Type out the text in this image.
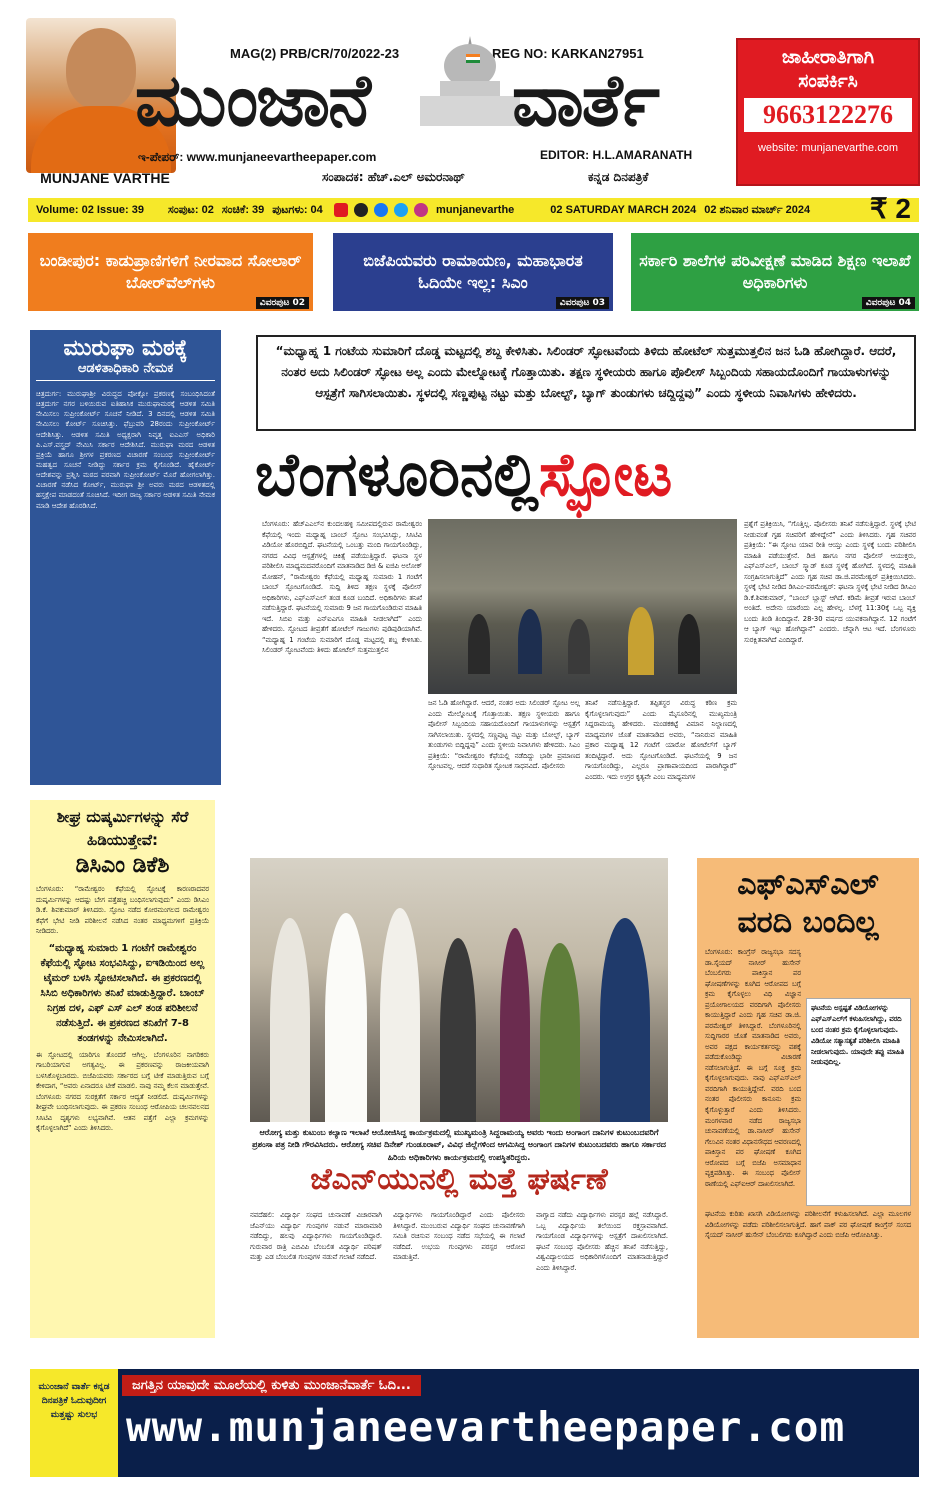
MUNJANE VARTHE
MAG(2) PRB/CR/70/2022-23	REG NO: KARKAN27951
ಮುಂಜಾನೆ ವಾರ್ತೆ
ಇ-ಪೇಪರ್: www.munjaneevartheepaper.com	EDITOR: H.L.AMARANATH
ಸಂಪಾದಕ: ಹೆಚ್.ಎಲ್ ಅಮರನಾಥ್	ಕನ್ನಡ ದಿನಪತ್ರಿಕೆ
ಜಾಹೀರಾತಿಗಾಗಿ
ಸಂಪರ್ಕಿಸಿ
9663122276
website: munjanevarthe.com
Volume: 02 Issue: 39 ಸಂಪುಟ: 02 ಸಂಚಿಕೆ: 39 ಪುಟಗಳು: 04
	munjanevarthe	02 SATURDAY MARCH 2024 02 ಶನಿವಾರ ಮಾರ್ಚ್ 2024 ₹ 2
ಬಂಡೀಪುರ: ಕಾಡುಪ್ರಾಣಿಗಳಿಗೆ ನೀರವಾದ ಸೋಲಾರ್ ಬೋರ್‌ವೆಲ್‌ಗಳು
ವಿವರಪುಟ 02
ಬಿಜೆಪಿಯವರು ರಾಮಾಯಣ, ಮಹಾಭಾರತ ಓದಿಯೇ ಇಲ್ಲ: ಸಿಎಂ
ವಿವರಪುಟ 03
ಸರ್ಕಾರಿ ಶಾಲೆಗಳ ಪರಿವೀಕ್ಷಣೆ ಮಾಡಿದ ಶಿಕ್ಷಣ ಇಲಾಖೆ ಅಧಿಕಾರಿಗಳು
ವಿವರಪುಟ 04
ಮುರುಘಾ ಮಠಕ್ಕೆ
ಆಡಳಿತಾಧಿಕಾರಿ ನೇಮಕ
ಚಿತ್ರದುರ್ಗ: ಮುರುಘಾಶ್ರೀ ವಿರುದ್ಧದ ಪೋಕ್ಸೋ ಪ್ರಕರಣಕ್ಕೆ ಸಂಬಂಧಿಸಿದಂತೆ ಚಿತ್ರದುರ್ಗ ನಗರ ಬಳಿಯಿರುವ ಐತಿಹಾಸಿಕ ಮುರುಘಾಮಠಕ್ಕೆ ಆಡಳಿತ ಸಮಿತಿ ನೇಮಿಸಲು ಸುಪ್ರೀಂಕೋರ್ಟ್ ಸೂಚನೆ ನೀಡಿದೆ. 3 ದಿನದಲ್ಲಿ ಆಡಳಿತ ಸಮಿತಿ ನೇಮಿಸಲು ಕೋರ್ಟ್ ಸೂಚಿಸಿತ್ತು. ಫೆಬ್ರುವರಿ 28ರಂದು ಸುಪ್ರೀಂಕೋರ್ಟ್ ಆದೇಶಿಸಿತ್ತು. ಆಡಳಿತ ಸಮಿತಿ ಅಧ್ಯಕ್ಷರಾಗಿ ನಿವೃತ್ತ ಐಎಎಸ್ ಅಧಿಕಾರಿ ಪಿ.ಎಸ್.ವಸ್ತ್ರದ್ ನೇಮಿಸಿ ಸರ್ಕಾರ ಆದೇಶಿಸಿದೆ. ಮುರುಘಾ ಮಠದ ಆಡಳಿತ ಪ್ರಕ್ರಿಯೆ ಹಾಗೂ ಶ್ರೀಗಳ ಪ್ರಕರಣದ ವಿಚಾರಣೆ ಸಂಬಂಧ ಸುಪ್ರೀಂಕೋರ್ಟ್ ಮಹತ್ವದ ಸೂಚನೆ ನೀಡಿದ್ದು ಸರ್ಕಾರ ಕ್ರಮ ಕೈಗೊಂಡಿದೆ. ಹೈಕೋರ್ಟ್ ಆದೇಶವನ್ನು ಪ್ರಶ್ನಿಸಿ ಮಠದ ಪರವಾಗಿ ಸುಪ್ರೀಂಕೋರ್ಟ್ ಮೊರೆ ಹೋಗಲಾಗಿತ್ತು. ವಿಚಾರಣೆ ನಡೆಸಿದ ಕೋರ್ಟ್, ಮುರುಘಾ ಶ್ರೀ ಅವರು ಮಠದ ಆಡಳಿತದಲ್ಲಿ ಹಸ್ತಕ್ಷೇಪ ಮಾಡದಂತೆ ಸೂಚಿಸಿದೆ. ಇದೀಗ ರಾಜ್ಯ ಸರ್ಕಾರ ಆಡಳಿತ ಸಮಿತಿ ನೇಮಕ ಮಾಡಿ ಆದೇಶ ಹೊರಡಿಸಿದೆ.
“ಮಧ್ಯಾಹ್ನ 1 ಗಂಟೆಯ ಸುಮಾರಿಗೆ ದೊಡ್ಡ ಮಟ್ಟದಲ್ಲಿ ಶಬ್ದ ಕೇಳಿಸಿತು. ಸಿಲಿಂಡರ್ ಸ್ಫೋಟವೆಂದು ತಿಳಿದು ಹೋಟೆಲ್ ಸುತ್ತಮುತ್ತಲಿನ ಜನ ಓಡಿ ಹೋಗಿದ್ದಾರೆ. ಆದರೆ, ನಂತರ ಅದು ಸಿಲಿಂಡರ್ ಸ್ಫೋಟ ಅಲ್ಲ ಎಂದು ಮೇಲ್ನೋಟಕ್ಕೆ ಗೊತ್ತಾಯಿತು. ತಕ್ಷಣ ಸ್ಥಳೀಯರು ಹಾಗೂ ಪೊಲೀಸ್ ಸಿಬ್ಬಂದಿಯ ಸಹಾಯದೊಂದಿಗೆ ಗಾಯಾಳುಗಳನ್ನು ಆಸ್ಪತ್ರೆಗೆ ಸಾಗಿಸಲಾಯಿತು. ಸ್ಥಳದಲ್ಲಿ ಸಣ್ಣಪುಟ್ಟ ನಟ್ಟು ಮತ್ತು ಬೋಲ್ಟ್, ಬ್ಯಾಗ್ ತುಂಡುಗಳು ಚದ್ದಿದ್ದವು” ಎಂದು ಸ್ಥಳೀಯ ನಿವಾಸಿಗಳು ಹೇಳಿದರು.
ಬೆಂಗಳೂರಿನಲ್ಲಿಸ್ಫೋಟ
ಬೆಂಗಳೂರು: ಹೆಚ್‌ಎಎಲ್‌ನ ಕುಂದಲಹಳ್ಳಿ ಸಮೀಪದಲ್ಲಿರುವ ರಾಮೇಶ್ವರಂ ಕೆಫೆಯಲ್ಲಿ ಇಂದು ಮಧ್ಯಾಹ್ನ ಬಾಂಬ್ ಸ್ಫೋಟ ಸಂಭವಿಸಿದ್ದು, ಸಿಸಿಟಿವಿ ವಿಡಿಯೋ ಹೊರಬಿದ್ದಿದೆ. ಘಟನೆಯಲ್ಲಿ ಒಂಬತ್ತು ಮಂದಿ ಗಾಯಗೊಂಡಿದ್ದು, ನಗರದ ವಿವಿಧ ಆಸ್ಪತ್ರೆಗಳಲ್ಲಿ ಚಿಕಿತ್ಸೆ ಪಡೆಯುತ್ತಿದ್ದಾರೆ. ಘಟನಾ ಸ್ಥಳ ಪರಿಶೀಲಿಸಿ ಮಾಧ್ಯಮದವರೊಂದಿಗೆ ಮಾತನಾಡಿದ ಡಿಜಿ & ಐಜಿಪಿ ಅಲೋಕ್ ಮೋಹನ್, “ರಾಮೇಶ್ವರಂ ಕೆಫೆಯಲ್ಲಿ ಮಧ್ಯಾಹ್ನ ಸುಮಾರು 1 ಗಂಟೆಗೆ ಬಾಂಬ್ ಸ್ಫೋಟಗೊಂಡಿದೆ. ಸುದ್ದಿ ತಿಳಿದ ತಕ್ಷಣ ಸ್ಥಳಕ್ಕೆ ಪೊಲೀಸ್ ಅಧಿಕಾರಿಗಳು, ಎಫ್‌ಎಸ್‌ಎಲ್ ತಂಡ ಕೂಡ ಬಂದಿದೆ. ಅಧಿಕಾರಿಗಳು ತನಿಖೆ ನಡೆಸುತ್ತಿದ್ದಾರೆ. ಘಟನೆಯಲ್ಲಿ ಸುಮಾರು 9 ಜನ ಗಾಯಗೊಂಡಿರುವ ಮಾಹಿತಿ ಇದೆ. ಸಿಬಿಐ ಮತ್ತು ಎನ್‌ಐಎಗೂ ಮಾಹಿತಿ ನೀಡಲಾಗಿದೆ” ಎಂದು ಹೇಳಿದರು. ಸ್ಫೋಟದ ತೀವ್ರತೆಗೆ ಹೋಟೆಲ್ ಗಾಜುಗಳು ಪುಡಿಪುಡಿಯಾಗಿವೆ. “ಮಧ್ಯಾಹ್ನ 1 ಗಂಟೆಯ ಸುಮಾರಿಗೆ ದೊಡ್ಡ ಮಟ್ಟದಲ್ಲಿ ಶಬ್ದ ಕೇಳಿಸಿತು. ಸಿಲಿಂಡರ್ ಸ್ಫೋಟವೆಂದು ತಿಳಿದು ಹೋಟೆಲ್ ಸುತ್ತಮುತ್ತಲಿನ
ಜನ ಓಡಿ ಹೋಗಿದ್ದಾರೆ. ಆದರೆ, ನಂತರ ಅದು ಸಿಲಿಂಡರ್ ಸ್ಫೋಟ ಅಲ್ಲ ಎಂದು ಮೇಲ್ನೋಟಕ್ಕೆ ಗೊತ್ತಾಯಿತು. ತಕ್ಷಣ ಸ್ಥಳೀಯರು ಹಾಗೂ ಪೊಲೀಸ್ ಸಿಬ್ಬಂದಿಯ ಸಹಾಯದೊಂದಿಗೆ ಗಾಯಾಳುಗಳನ್ನು ಆಸ್ಪತ್ರೆಗೆ ಸಾಗಿಸಲಾಯಿತು. ಸ್ಥಳದಲ್ಲಿ ಸಣ್ಣಪುಟ್ಟ ನಟ್ಟು ಮತ್ತು ಬೋಲ್ಟ್, ಬ್ಯಾಗ್ ತುಂಡುಗಳು ಬಿದ್ದಿದ್ದವು” ಎಂದು ಸ್ಥಳೀಯ ನಿವಾಸಿಗಳು ಹೇಳಿದರು. ಸಿಎಂ ಪ್ರತಿಕ್ರಿಯೆ: “ರಾಮೇಶ್ವರಂ ಕೆಫೆಯಲ್ಲಿ ನಡೆದಿದ್ದು ಭಾರೀ ಪ್ರಮಾಣದ ಸ್ಫೋಟವಲ್ಲ. ಆದರೆ ಸುಧಾರಿತ ಸ್ಫೋಟಕ ಸಾಧನವಿದೆ. ಪೊಲೀಸರು
ತನಿಖೆ ನಡೆಸುತ್ತಿದ್ದಾರೆ. ತಪ್ಪಿತಸ್ಥರ ವಿರುದ್ಧ ಕಠಿಣ ಕ್ರಮ ಕೈಗೊಳ್ಳಲಾಗುವುದು” ಎಂದು ಮೈಸೂರಿನಲ್ಲಿ ಮುಖ್ಯಮಂತ್ರಿ ಸಿದ್ದರಾಮಯ್ಯ ಹೇಳಿದರು. ಮಂಡಕಕಟ್ಟೆ ವಿಮಾನ ನಿಲ್ದಾಣದಲ್ಲಿ ಮಾಧ್ಯಮಗಳ ಜೊತೆ ಮಾತನಾಡಿದ ಅವರು, “ನಾನಿರುವ ಮಾಹಿತಿ ಪ್ರಕಾರ ಮಧ್ಯಾಹ್ನ 12 ಗಂಟೆಗೆ ಯಾರೋ ಹೋಟೆಲ್‌ಗೆ ಬ್ಯಾಗ್ ತಂದಿಟ್ಟಿದ್ದಾರೆ. ಅದು ಸ್ಫೋಟಗೊಂಡಿದೆ. ಘಟನೆಯಲ್ಲಿ 9 ಜನ ಗಾಯಗೊಂಡಿದ್ದು, ಎಲ್ಲರೂ ಪ್ರಾಣಾಪಾಯದಿಂದ ಪಾರಾಗಿದ್ದಾರೆ” ಎಂದರು. ಇದು ಉಗ್ರರ ಕೃತ್ಯವೇ ಎಂಬ ಮಾಧ್ಯಮಗಳ
ಪ್ರಶ್ನೆಗೆ ಪ್ರತಿಕ್ರಿಯಿಸಿ, “ಗೊತ್ತಿಲ್ಲ. ಪೊಲೀಸರು ತನಿಖೆ ನಡೆಸುತ್ತಿದ್ದಾರೆ. ಸ್ಥಳಕ್ಕೆ ಭೇಟಿ ನೀಡುವಂತೆ ಗೃಹ ಸಚಿವರಿಗೆ ಹೇಳಿದ್ದೇನೆ” ಎಂದು ತಿಳಿಸಿದರು. ಗೃಹ ಸಚಿವರ ಪ್ರತಿಕ್ರಿಯೆ: “ಈ ಸ್ಫೋಟ ಯಾವ ರೀತಿ ಆಯ್ತು ಎಂದು ಸ್ಥಳಕ್ಕೆ ಬಂದು ಪರಿಶೀಲಿಸಿ ಮಾಹಿತಿ ಪಡೆಯುತ್ತೇನೆ. ಡಿಜಿ ಹಾಗೂ ನಗರ ಪೊಲೀಸ್ ಆಯುಕ್ತರು, ಎಫ್‌ಎಸ್‌ಎಲ್, ಬಾಂಬ್ ಸ್ಕ್ವಾಡ್ ಕೂಡ ಸ್ಥಳಕ್ಕೆ ಹೋಗಿದೆ. ಸ್ಥಳದಲ್ಲಿ ಮಾಹಿತಿ ಸಂಗ್ರಹಿಸಲಾಗುತ್ತಿದೆ” ಎಂದು ಗೃಹ ಸಚಿವ ಡಾ.ಜಿ.ಪರಮೇಶ್ವರ್ ಪ್ರತಿಕ್ರಿಯಿಸಿದರು. ಸ್ಥಳಕ್ಕೆ ಭೇಟಿ ನೀಡಿದ ಡಿಸಿಎಂ-ಪರಮೇಶ್ವರ್: ಘಟನಾ ಸ್ಥಳಕ್ಕೆ ಭೇಟಿ ನೀಡಿದ ಡಿಸಿಎಂ ಡಿ.ಕೆ.ಶಿವಕುಮಾರ್, “ಬಾಂಬ್ ಬ್ಲಾಸ್ಟ್ ಆಗಿದೆ. ಕಡಿಮೆ ತೀವ್ರತೆ ಇರುವ ಬಾಂಬ್ ಅಂತಿದೆ. ಅದೇನು ಯಾರೆಂದು ಎಲ್ಲ ಹೇಳಲ್ಲ. ಬೆಳಗ್ಗೆ 11:30ಕ್ಕೆ ಒಬ್ಬ ವ್ಯಕ್ತಿ ಬಂದು ತಿಂಡಿ ತಿಂದಿದ್ದಾನೆ. 28-30 ವರ್ಷದ ಯುವಕನಾಗಿದ್ದಾನೆ. 12 ಗಂಟೆಗೆ ಆ ಬ್ಯಾಗ್ ಇಟ್ಟು ಹೋಗಿದ್ದಾನೆ” ಎಂದರು. ಚೆನ್ನಾಗಿ ಆಟ ಇದೆ. ಬೆಂಗಳೂರು ಸುರಕ್ಷಿತವಾಗಿದೆ ಎಂದಿದ್ದಾರೆ.
ಶೀಘ್ರ ದುಷ್ಕರ್ಮಿಗಳನ್ನು ಸೆರೆ ಹಿಡಿಯುತ್ತೇವೆ:
ಡಿಸಿಎಂ ಡಿಕೆಶಿ
ಬೆಂಗಳೂರು: “ರಾಮೇಶ್ವರಂ ಕೆಫೆಯಲ್ಲಿ ಸ್ಫೋಟಕ್ಕೆ ಕಾರಣರಾದವರ ದುಷ್ಕರ್ಮಿಗಳನ್ನು ಆದಷ್ಟು ಬೇಗ ಪತ್ತೆಹಚ್ಚಿ ಬಂಧಿಸಲಾಗುವುದು” ಎಂದು ಡಿಸಿಎಂ ಡಿ.ಕೆ. ಶಿವಕುಮಾರ್ ತಿಳಿಸಿದರು. ಸ್ಫೋಟ ನಡೆದ ಕೋರಮಂಗಲದ ರಾಮೇಶ್ವರಂ ಕೆಫೆಗೆ ಭೇಟಿ ನೀಡಿ ಪರಿಶೀಲನೆ ನಡೆಸಿದ ನಂತರ ಮಾಧ್ಯಮಗಳಿಗೆ ಪ್ರತಿಕ್ರಿಯೆ ನೀಡಿದರು.
“ಮಧ್ಯಾಹ್ನ ಸುಮಾರು 1 ಗಂಟೆಗೆ ರಾಮೇಶ್ವರಂ ಕೆಫೆಯಲ್ಲಿ ಸ್ಫೋಟ ಸಂಭವಿಸಿದ್ದು, ಐಇಡಿಯಿಂದ ಅಲ್ಲ ಟೈಮರ್ ಬಳಸಿ ಸ್ಫೋಟಿಸಲಾಗಿದೆ. ಈ ಪ್ರಕರಣದಲ್ಲಿ ಸಿಸಿಬಿ ಅಧಿಕಾರಿಗಳು ತನಿಖೆ ಮಾಡುತ್ತಿದ್ದಾರೆ. ಬಾಂಬ್ ನಿಗ್ರಹ ದಳ, ಎಫ್ ಎಸ್ ಎಲ್ ತಂಡ ಪರಿಶೀಲನೆ ನಡೆಸುತ್ತಿದೆ. ಈ ಪ್ರಕರಣದ ತನಿಖೆಗೆ 7-8 ತಂಡಗಳನ್ನು ನೇಮಿಸಲಾಗಿದೆ.
ಈ ಸ್ಫೋಟದಲ್ಲಿ ಯಾರಿಗೂ ತೊಂದರೆ ಆಗಿಲ್ಲ. ಬೆಂಗಳೂರಿನ ನಾಗರಿಕರು ಗಾಬರಿಯಾಗುವ ಅಗತ್ಯವಿಲ್ಲ. ಈ ಪ್ರಕರಣವನ್ನು ರಾಜಕೀಯವಾಗಿ ಬಳಸಿಕೊಳ್ಳಬಾರದು. ಬಿಜೆಪಿಯವರು ಸರ್ಕಾರದ ಬಗ್ಗೆ ಟೀಕೆ ಮಾಡುತ್ತಿರುವ ಬಗ್ಗೆ ಕೇಳಿದಾಗ, “ಅವರು ಏನಾದರೂ ಟೀಕೆ ಮಾಡಲಿ. ನಾವು ನಮ್ಮ ಕೆಲಸ ಮಾಡುತ್ತೇವೆ. ಬೆಂಗಳೂರು ನಗರದ ಸುರಕ್ಷತೆಗೆ ಸರ್ಕಾರ ಆದ್ಯತೆ ನೀಡಲಿದೆ. ದುಷ್ಕರ್ಮಿಗಳನ್ನು ಶೀಘ್ರವೇ ಬಂಧಿಸಲಾಗುವುದು. ಈ ಪ್ರಕರಣ ಸಂಬಂಧ ಆರೋಪಿಯ ಚಲನವಲನದ ಸಿಸಿಟಿವಿ ದೃಶ್ಯಗಳು ಲಭ್ಯವಾಗಿವೆ. ಆತನ ಪತ್ತೆಗೆ ಎಲ್ಲಾ ಕ್ರಮಗಳನ್ನು ಕೈಗೊಳ್ಳಲಾಗಿದೆ” ಎಂದು ತಿಳಿಸಿದರು.	ಆರೋಗ್ಯ ಮತ್ತು ಕುಟುಂಬ ಕಲ್ಯಾಣ ಇಲಾಖೆ ಆಯೋಜಿಸಿದ್ದ ಕಾರ್ಯಕ್ರಮದಲ್ಲಿ ಮುಖ್ಯಮಂತ್ರಿ ಸಿದ್ದರಾಮಯ್ಯ ಅವರು ಇಂದು ಅಂಗಾಂಗ ದಾನಿಗಳ ಕುಟುಂಬದವರಿಗೆ ಪ್ರಶಂಸಾ ಪತ್ರ ನೀಡಿ ಗೌರವಿಸಿದರು. ಆರೋಗ್ಯ ಸಚಿವ ದಿನೇಶ್ ಗುಂಡೂರಾವ್, ವಿವಿಧ ಜಿಲ್ಲೆಗಳಿಂದ ಆಗಮಿಸಿದ್ದ ಅಂಗಾಂಗ ದಾನಿಗಳ ಕುಟುಂಬದವರು ಹಾಗೂ ಸರ್ಕಾರದ ಹಿರಿಯ ಅಧಿಕಾರಿಗಳು ಕಾರ್ಯಕ್ರಮದಲ್ಲಿ ಉಪಸ್ಥಿತರಿದ್ದರು.
ಜೆಎನ್‌ಯುನಲ್ಲಿ ಮತ್ತೆ ಘರ್ಷಣೆ
ನವದೆಹಲಿ: ವಿದ್ಯಾರ್ಥಿ ಸಂಘದ ಚುನಾವಣೆ ವಿಚಾರವಾಗಿ ಜೆಎನ್‌ಯು ವಿದ್ಯಾರ್ಥಿ ಗುಂಪುಗಳ ನಡುವೆ ಮಾರಾಮಾರಿ ನಡೆದಿದ್ದು, ಹಲವು ವಿದ್ಯಾರ್ಥಿಗಳು ಗಾಯಗೊಂಡಿದ್ದಾರೆ. ಗುರುವಾರ ರಾತ್ರಿ ಎಬಿವಿಪಿ ಬೆಂಬಲಿತ ವಿದ್ಯಾರ್ಥಿ ಪರಿಷತ್ ಮತ್ತು ಎಡ ಬೆಂಬಲಿತ ಗುಂಪುಗಳ ನಡುವೆ ಗಲಾಟೆ ನಡೆದಿದೆ.
ವಿದ್ಯಾರ್ಥಿಗಳು ಗಾಯಗೊಂಡಿದ್ದಾರೆ ಎಂದು ಪೊಲೀಸರು ತಿಳಿಸಿದ್ದಾರೆ. ಮುಂಬರುವ ವಿದ್ಯಾರ್ಥಿ ಸಂಘದ ಚುನಾವಣೆಗಾಗಿ ಸಮಿತಿ ರಚಿಸುವ ಸಂಬಂಧ ನಡೆದ ಸಭೆಯಲ್ಲಿ ಈ ಗಲಾಟೆ ನಡೆದಿದೆ. ಉಭಯ ಗುಂಪುಗಳು ಪರಸ್ಪರ ಆರೋಪ ಮಾಡುತ್ತಿವೆ.
ವಾಗ್ವಾದ ನಡೆದು ವಿದ್ಯಾರ್ಥಿಗಳು ಪರಸ್ಪರ ಹಲ್ಲೆ ನಡೆಸಿದ್ದಾರೆ. ಒಬ್ಬ ವಿದ್ಯಾರ್ಥಿಯ ತಲೆಯಿಂದ ರಕ್ತಸ್ರಾವವಾಗಿದೆ. ಗಾಯಗೊಂಡ ವಿದ್ಯಾರ್ಥಿಗಳನ್ನು ಆಸ್ಪತ್ರೆಗೆ ದಾಖಲಿಸಲಾಗಿದೆ. ಘಟನೆ ಸಂಬಂಧ ಪೊಲೀಸರು ಹೆಚ್ಚಿನ ತನಿಖೆ ನಡೆಸುತ್ತಿದ್ದು, ವಿಶ್ವವಿದ್ಯಾಲಯದ ಅಧಿಕಾರಿಗಳೊಂದಿಗೆ ಮಾತನಾಡುತ್ತಿದ್ದಾರೆ ಎಂದು ತಿಳಿಸಿದ್ದಾರೆ.
ಎಫ್‌ಎಸ್‌ಎಲ್ ವರದಿ ಬಂದಿಲ್ಲ
ಬೆಂಗಳೂರು: ಕಾಂಗ್ರೆಸ್ ರಾಜ್ಯಸಭಾ ಸದಸ್ಯ ಡಾ.ಸೈಯದ್ ನಾಸೀರ್ ಹುಸೇನ್ ಬೆಂಬಲಿಗರು ಪಾಕಿಸ್ತಾನ ಪರ ಘೋಷಣೆಗಳನ್ನು ಕೂಗಿದ ಆರೋಪದ ಬಗ್ಗೆ ಕ್ರಮ ಕೈಗೊಳ್ಳಲು ವಿಧಿ ವಿಜ್ಞಾನ ಪ್ರಯೋಗಾಲಯದ ವರದಿಗಾಗಿ ಪೊಲೀಸರು ಕಾಯುತ್ತಿದ್ದಾರೆ ಎಂದು ಗೃಹ ಸಚಿವ ಡಾ.ಜಿ. ಪರಮೇಶ್ವರ್ ತಿಳಿಸಿದ್ದಾರೆ. ಬೆಂಗಳೂರಿನಲ್ಲಿ ಸುದ್ದಿಗಾರರ ಜೊತೆ ಮಾತನಾಡಿದ ಅವರು, ಅವರ ಪಕ್ಷದ ಕಾರ್ಯಕರ್ತರನ್ನು ವಶಕ್ಕೆ ಪಡೆದುಕೊಂಡಿದ್ದು ವಿಚಾರಣೆ ನಡೆಸಲಾಗುತ್ತಿದೆ. ಈ ಬಗ್ಗೆ ಸೂಕ್ತ ಕ್ರಮ ಕೈಗೊಳ್ಳಲಾಗುವುದು. ನಾವು ಎಫ್‌ಎಸ್‌ಎಲ್ ವರದಿಗಾಗಿ ಕಾಯುತ್ತಿದ್ದೇವೆ. ವರದಿ ಬಂದ ನಂತರ ಪೊಲೀಸರು ಕಾನೂನು ಕ್ರಮ ಕೈಗೊಳ್ಳುತ್ತಾರೆ ಎಂದು ತಿಳಿಸಿದರು. ಮಂಗಳವಾರ ನಡೆದ ರಾಜ್ಯಸಭಾ ಚುನಾವಣೆಯಲ್ಲಿ ಡಾ.ನಾಸೀರ್ ಹುಸೇನ್ ಗೆಲುವಿನ ನಂತರ ವಿಧಾನಸೌಧದ ಆವರಣದಲ್ಲಿ ಪಾಕಿಸ್ತಾನ ಪರ ಘೋಷಣೆ ಕೂಗಿದ ಆರೋಪದ ಬಗ್ಗೆ ಬಿಜೆಪಿ ಅಸಮಾಧಾನ ವ್ಯಕ್ತಪಡಿಸಿತ್ತು. ಈ ಸಂಬಂಧ ಪೊಲೀಸ್ ಠಾಣೆಯಲ್ಲಿ ಎಫ್‌ಐಆರ್ ದಾಖಲಿಸಲಾಗಿದೆ.
ಘಟನೆಯ ಕುರಿತು ಖಾಸಗಿ ವಿಡಿಯೋಗಳನ್ನು ಪರಿಶೀಲನೆಗೆ ಕಳುಹಿಸಲಾಗಿದೆ. ಎಲ್ಲಾ ಮೂಲಗಳ ವಿಡಿಯೋಗಳನ್ನು ಪಡೆದು ಪರಿಶೀಲಿಸಲಾಗುತ್ತಿದೆ. ಹಾಗೆ ಪಾಕ್ ಪರ ಘೋಷಣೆ ಕಾಂಗ್ರೆಸ್ ಸಂಸದ ಸೈಯದ್ ನಾಸೀರ್ ಹುಸೇನ್ ಬೆಂಬಲಿಗರು ಕೂಗಿದ್ದಾರೆ ಎಂದು ಬಿಜೆಪಿ ಆರೋಪಿಸಿತ್ತು.
ಘಟನೆಯ ಅಸ್ಪಷ್ಟತೆ ವಿಡಿಯೋಗಳನ್ನು ಎಫ್‌ಎಸ್‌ಎಲ್‌ಗೆ ಕಳುಹಿಸಲಾಗಿದ್ದು, ವರದಿ ಬಂದ ನಂತರ ಕ್ರಮ ಕೈಗೊಳ್ಳಲಾಗುವುದು. ವಿಡಿಯೋ ಸತ್ಯಾಸತ್ಯತೆ ಪರಿಶೀಲಿಸಿ ಮಾಹಿತಿ ನೀಡಲಾಗುವುದು. ಯಾವುದೇ ತಪ್ಪು ಮಾಹಿತಿ ನೀಡುವುದಿಲ್ಲ.
ಮುಂಜಾನೆ ವಾರ್ತೆ ಕನ್ನಡ ದಿನಪತ್ರಿಕೆ ಓದುವುದೀಗ ಮತ್ತಷ್ಟು ಸುಲಭ
ಜಗತ್ತಿನ ಯಾವುದೇ ಮೂಲೆಯಲ್ಲಿ ಕುಳಿತು ಮುಂಜಾನೆವಾರ್ತೆ ಓದಿ...
www.munjaneevartheepaper.com
